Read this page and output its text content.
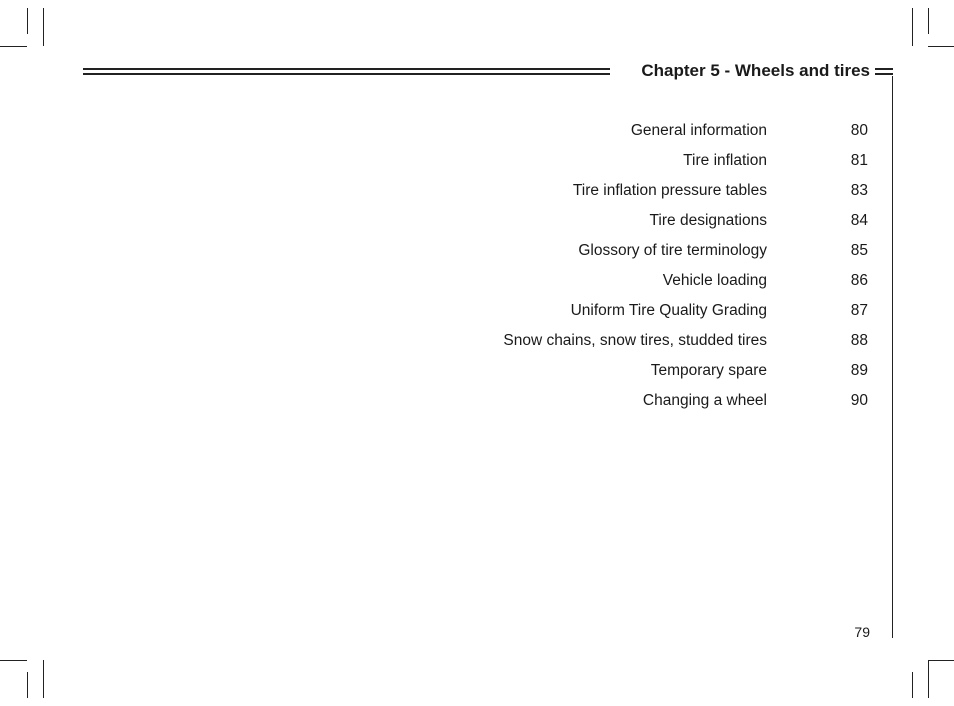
Chapter 5 - Wheels and tires
General information	80
Tire inflation	81
Tire inflation pressure tables	83
Tire designations	84
Glossory of tire terminology	85
Vehicle loading	86
Uniform Tire Quality Grading	87
Snow chains, snow tires, studded tires	88
Temporary spare	89
Changing a wheel	90
79
